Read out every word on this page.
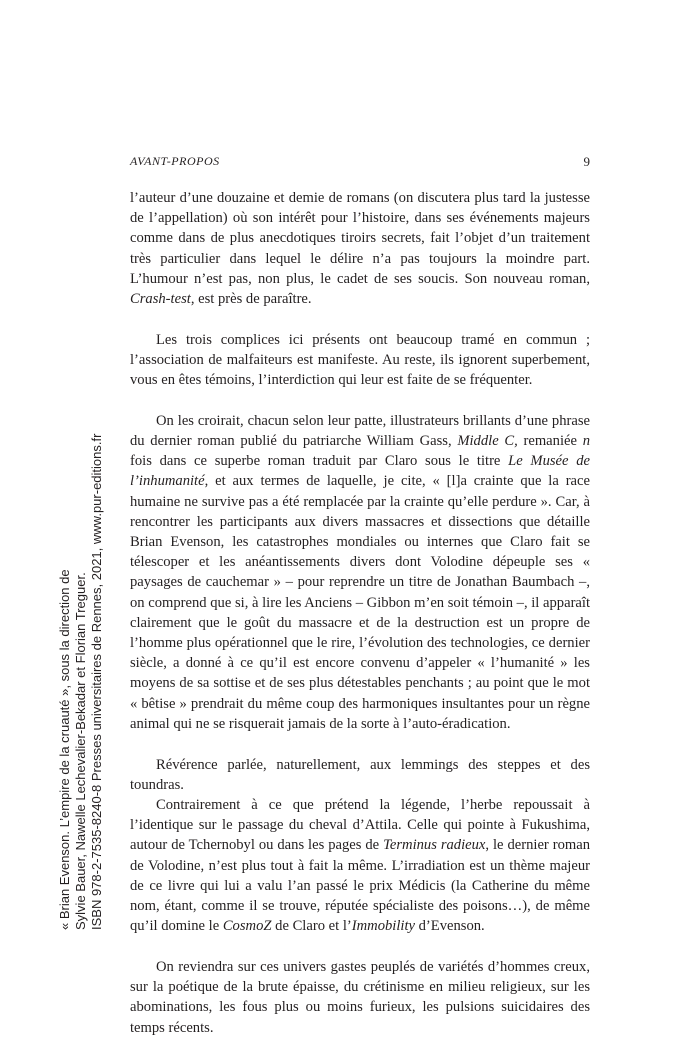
AVANT-PROPOS	9

l’auteur d’une douzaine et demie de romans (on discutera plus tard la justesse de l’appellation) où son intérêt pour l’histoire, dans ses événements majeurs comme dans de plus anecdotiques tiroirs secrets, fait l’objet d’un traitement très particulier dans lequel le délire n’a pas toujours la moindre part. L’humour n’est pas, non plus, le cadet de ses soucis. Son nouveau roman, Crash-test, est près de paraître.

Les trois complices ici présents ont beaucoup tramé en commun ; l’association de malfaiteurs est manifeste. Au reste, ils ignorent superbement, vous en êtes témoins, l’interdiction qui leur est faite de se fréquenter.

On les croirait, chacun selon leur patte, illustrateurs brillants d’une phrase du dernier roman publié du patriarche William Gass, Middle C, remaniée n fois dans ce superbe roman traduit par Claro sous le titre Le Musée de l’inhumanité, et aux termes de laquelle, je cite, « [l]a crainte que la race humaine ne survive pas a été remplacée par la crainte qu’elle perdure ». Car, à rencontrer les participants aux divers massacres et dissections que détaille Brian Evenson, les catastrophes mondiales ou internes que Claro fait se télescoper et les anéantissements divers dont Volodine dépeuple ses « paysages de cauchemar » – pour reprendre un titre de Jonathan Baumbach –, on comprend que si, à lire les Anciens – Gibbon m’en soit témoin –, il apparaît clairement que le goût du massacre et de la destruction est un propre de l’homme plus opérationnel que le rire, l’évolution des technologies, ce dernier siècle, a donné à ce qu’il est encore convenu d’appeler « l’humanité » les moyens de sa sottise et de ses plus détestables penchants ; au point que le mot « bêtise » prendrait du même coup des harmoniques insultantes pour un règne animal qui ne se risquerait jamais de la sorte à l’auto-éradication.

Révérence parlée, naturellement, aux lemmings des steppes et des toundras.

Contrairement à ce que prétend la légende, l’herbe repoussait à l’identique sur le passage du cheval d’Attila. Celle qui pointe à Fukushima, autour de Tchernobyl ou dans les pages de Terminus radieux, le dernier roman de Volodine, n’est plus tout à fait la même. L’irradiation est un thème majeur de ce livre qui lui a valu l’an passé le prix Médicis (la Catherine du même nom, étant, comme il se trouve, réputée spécialiste des poisons…), de même qu’il domine le CosmoZ de Claro et l’Immobility d’Evenson.

On reviendra sur ces univers gastes peuplés de variétés d’hommes creux, sur la poétique de la brute épaisse, du crétinisme en milieu religieux, sur les abominations, les fous plus ou moins furieux, les pulsions suicidaires des temps récents.

« Brian Evenson. L’empire de la cruauté », sous la direction de Sylvie Bauer, Nawelle Lechevalier-Bekadar et Florian Treguer. ISBN 978-2-7535-8240-8 Presses universitaires de Rennes, 2021, www.pur-editions.fr
